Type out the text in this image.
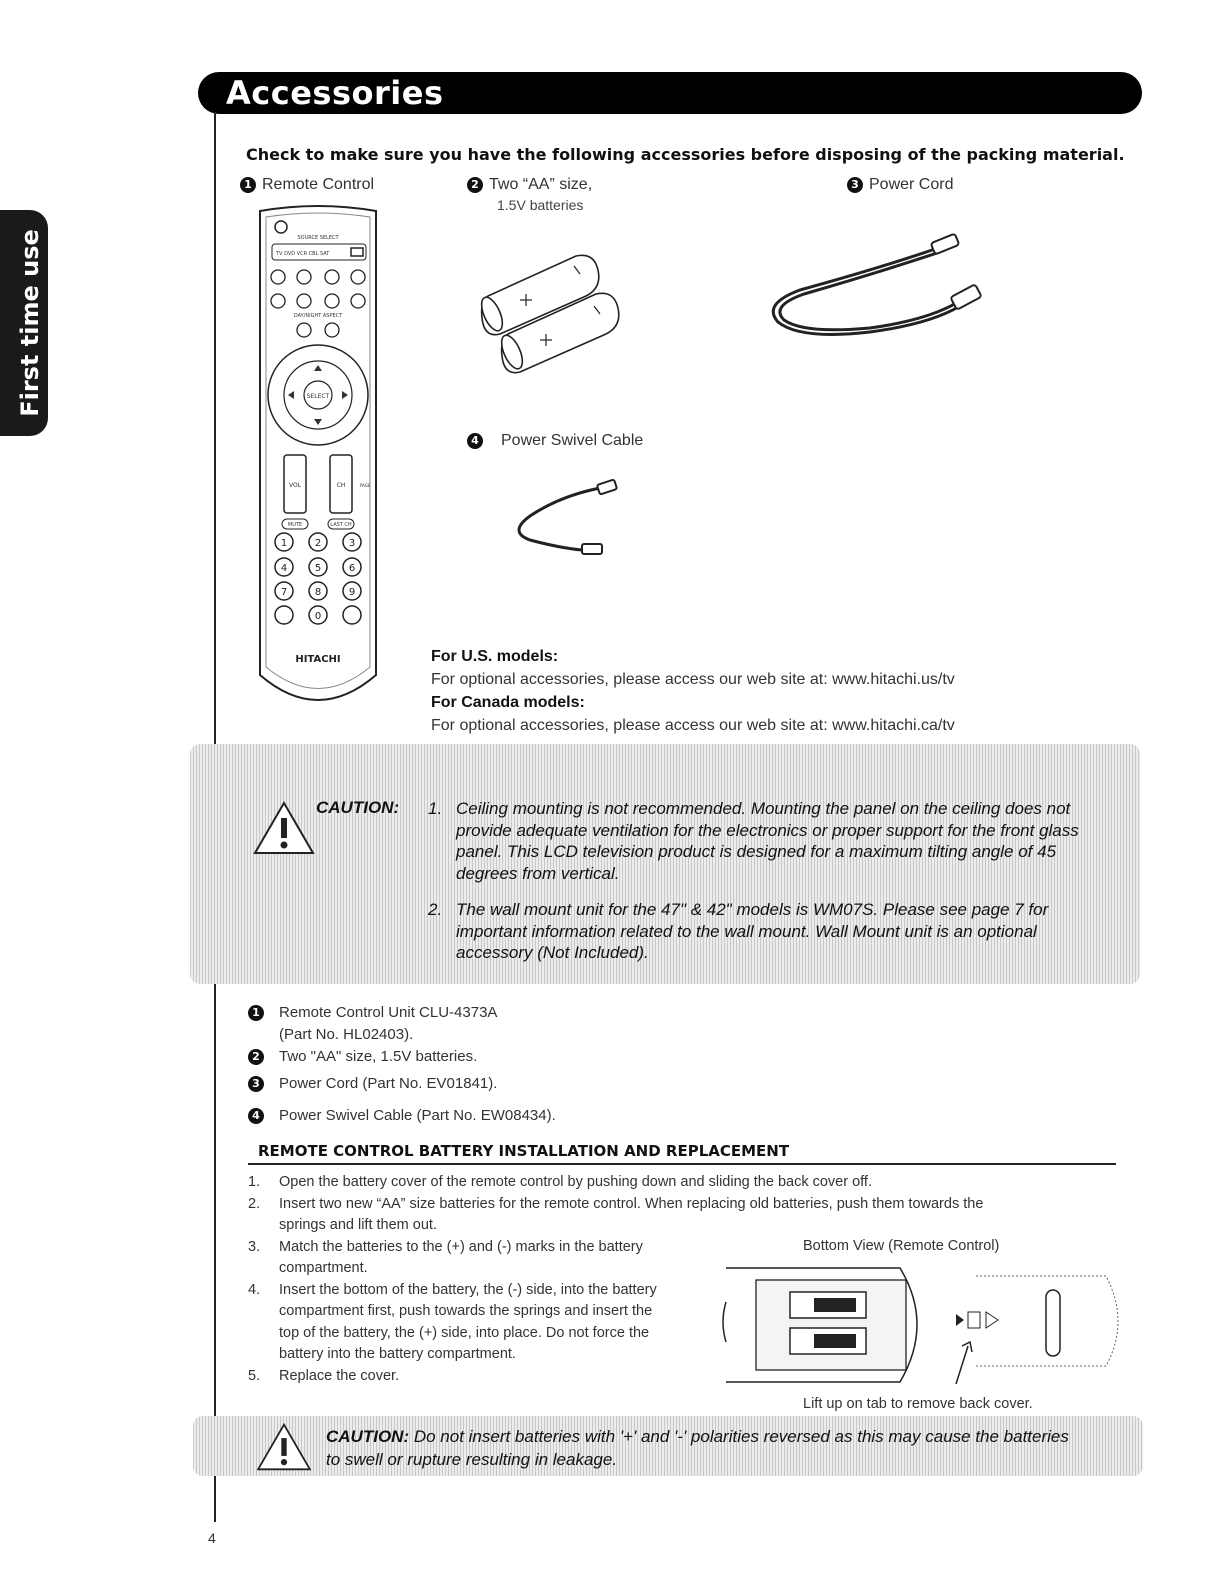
First time use
Accessories
Check to make sure you have the following accessories before disposing of the packing material.
1 Remote Control	2 Two “AA” size,
1.5V batteries
3 Power Cord
4 Power Swivel Cable
SOURCE SELECT
TV DVD VCR CBL SAT
DAY/NIGHT ASPECT
SELECT
VOL	CH	PAGE
MUTE	LAST CH
1	2	3
4	5	6
7	8	9
0
HITACHI	For U.S. models:
For optional accessories, please access our web site at: www.hitachi.us/tv
For Canada models:
For optional accessories, please access our web site at: www.hitachi.ca/tv
CAUTION: 1. Ceiling mounting is not recommended. Mounting the panel on the ceiling does not
provide adequate ventilation for the electronics or proper support for the front glass
panel. This LCD television product is designed for a maximum tilting angle of 45
degrees from vertical.
2. The wall mount unit for the 47" & 42" models is WM07S. Please see page 7 for
important information related to the wall mount. Wall Mount unit is an optional
accessory (Not Included).
1 Remote Control Unit CLU-4373A
(Part No. HL02403).
2 Two "AA" size, 1.5V batteries.
3 Power Cord (Part No. EV01841).
4 Power Swivel Cable (Part No. EW08434).
REMOTE CONTROL BATTERY INSTALLATION AND REPLACEMENT
1.	Open the battery cover of the remote control by pushing down and sliding the back cover off.
2.	Insert two new “AA” size batteries for the remote control. When replacing old batteries, push them towards the
springs and lift them out.
3.	Match the batteries to the (+) and (-) marks in the battery
compartment.
4.	Insert the bottom of the battery, the (-) side, into the battery
compartment first, push towards the springs and insert the
top of the battery, the (+) side, into place. Do not force the
battery into the battery compartment.
5.	Replace the cover.
Bottom View (Remote Control)
Lift up on tab to remove back cover.
CAUTION: Do not insert batteries with '+' and '-' polarities reversed as this may cause the batteries
to swell or rupture resulting in leakage.
4
